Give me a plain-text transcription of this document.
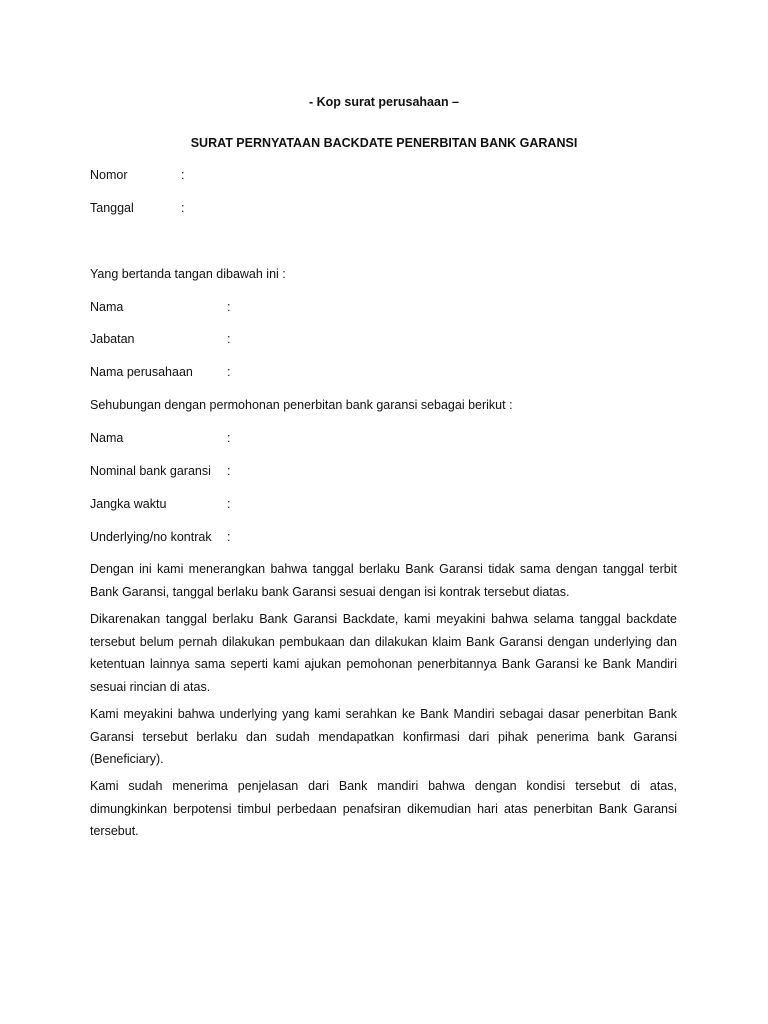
- Kop surat perusahaan –
SURAT PERNYATAAN BACKDATE PENERBITAN BANK GARANSI
Nomor	:
Tanggal	:
Yang bertanda tangan dibawah ini :
Nama	:
Jabatan	:
Nama perusahaan	:
Sehubungan dengan permohonan penerbitan bank garansi sebagai berikut :
Nama	:
Nominal bank garansi :
Jangka waktu	:
Underlying/no kontrak :

Dengan ini kami menerangkan bahwa tanggal berlaku Bank Garansi tidak sama dengan tanggal terbit Bank Garansi, tanggal berlaku bank Garansi sesuai dengan isi kontrak tersebut diatas.

Dikarenakan tanggal berlaku Bank Garansi Backdate, kami meyakini bahwa selama tanggal backdate tersebut belum pernah dilakukan pembukaan dan dilakukan klaim Bank Garansi dengan underlying dan ketentuan lainnya sama seperti kami ajukan pemohonan penerbitannya Bank Garansi ke Bank Mandiri sesuai rincian di atas.

Kami meyakini bahwa underlying yang kami serahkan ke Bank Mandiri sebagai dasar penerbitan Bank Garansi tersebut berlaku dan sudah mendapatkan konfirmasi dari pihak penerima bank Garansi (Beneficiary).

Kami sudah menerima penjelasan dari Bank mandiri bahwa dengan kondisi tersebut di atas, dimungkinkan berpotensi timbul perbedaan penafsiran dikemudian hari atas penerbitan Bank Garansi tersebut.
